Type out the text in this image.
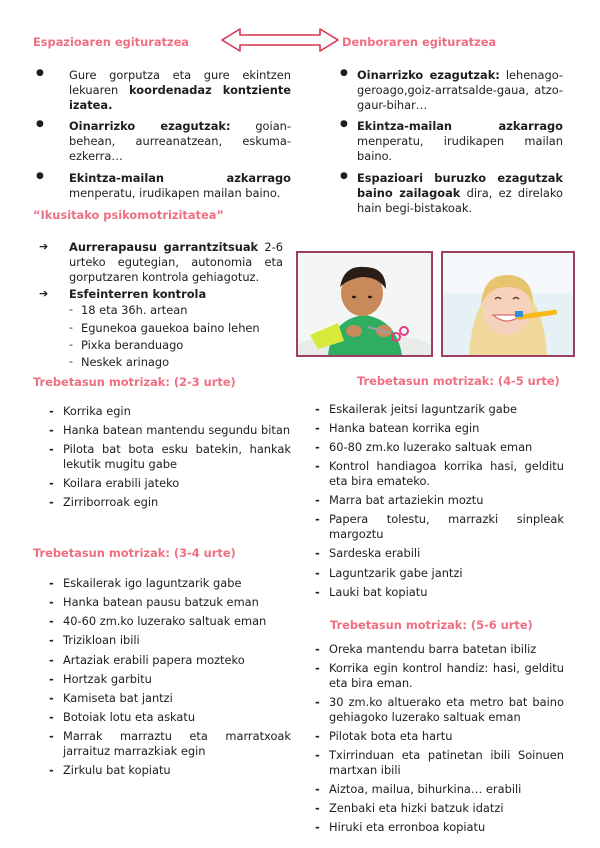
Espazioaren egituratzea	Denboraren egituratzea
● Gure gorputza eta gure ekintzen lekuaren koordenadaz kontziente izatea.
● Oinarrizko ezagutzak: goian-behean, aurreanatzean, eskuma-ezkerra…
● Ekintza-mailan azkarrago menperatu, irudikapen mailan baino.
● Oinarrizko ezagutzak: lehenago-geroago,goiz-arratsalde-gaua, atzo-gaur-bihar…
● Ekintza-mailan azkarrago menperatu, irudikapen mailan baino.
● Espazioari buruzko ezagutzak baino zailagoak dira, ez direlako hain begi-bistakoak.
“Ikusitako psikomotrizitatea”
➔ Aurrerapausu garrantzitsuak 2-6 urteko egutegian, autonomia eta gorputzaren kontrola gehiagotuz.
➔ Esfeinterren kontrola
- 18 eta 36h. artean
- Egunekoa gauekoa baino lehen
- Pixka beranduago
- Neskek arinago
Trebetasun motrizak: (2-3 urte)
- Korrika egin
- Hanka batean mantendu segundu bitan
- Pilota bat bota esku batekin, hankak lekutik mugitu gabe
- Koilara erabili jateko
- Zirriborroak egin
Trebetasun motrizak: (3-4 urte)
- Eskailerak igo laguntzarik gabe
- Hanka batean pausu batzuk eman
- 40-60 zm.ko luzerako saltuak eman
- Trizikloan ibili
- Artaziak erabili papera mozteko
- Hortzak garbitu
- Kamiseta bat jantzi
- Botoiak lotu eta askatu
- Marrak marraztu eta marratxoak jarraituz marrazkiak egin
- Zirkulu bat kopiatu
Trebetasun motrizak: (4-5 urte)
- Eskailerak jeitsi laguntzarik gabe
- Hanka batean korrika egin
- 60-80 zm.ko luzerako saltuak eman
- Kontrol handiagoa korrika hasi, gelditu eta bira emateko.
- Marra bat artaziekin moztu
- Papera tolestu, marrazki sinpleak margoztu
- Sardeska erabili
- Laguntzarik gabe jantzi
- Lauki bat kopiatu
Trebetasun motrizak: (5-6 urte)
- Oreka mantendu barra batetan ibiliz
- Korrika egin kontrol handiz: hasi, gelditu eta bira eman.
- 30 zm.ko altuerako eta metro bat baino gehiagoko luzerako saltuak eman
- Pilotak bota eta hartu
- Txirrinduan eta patinetan ibili Soinuen martxan ibili
- Aiztoa, mailua, bihurkina… erabili
- Zenbaki eta hizki batzuk idatzi
- Hiruki eta erronboa kopiatu
